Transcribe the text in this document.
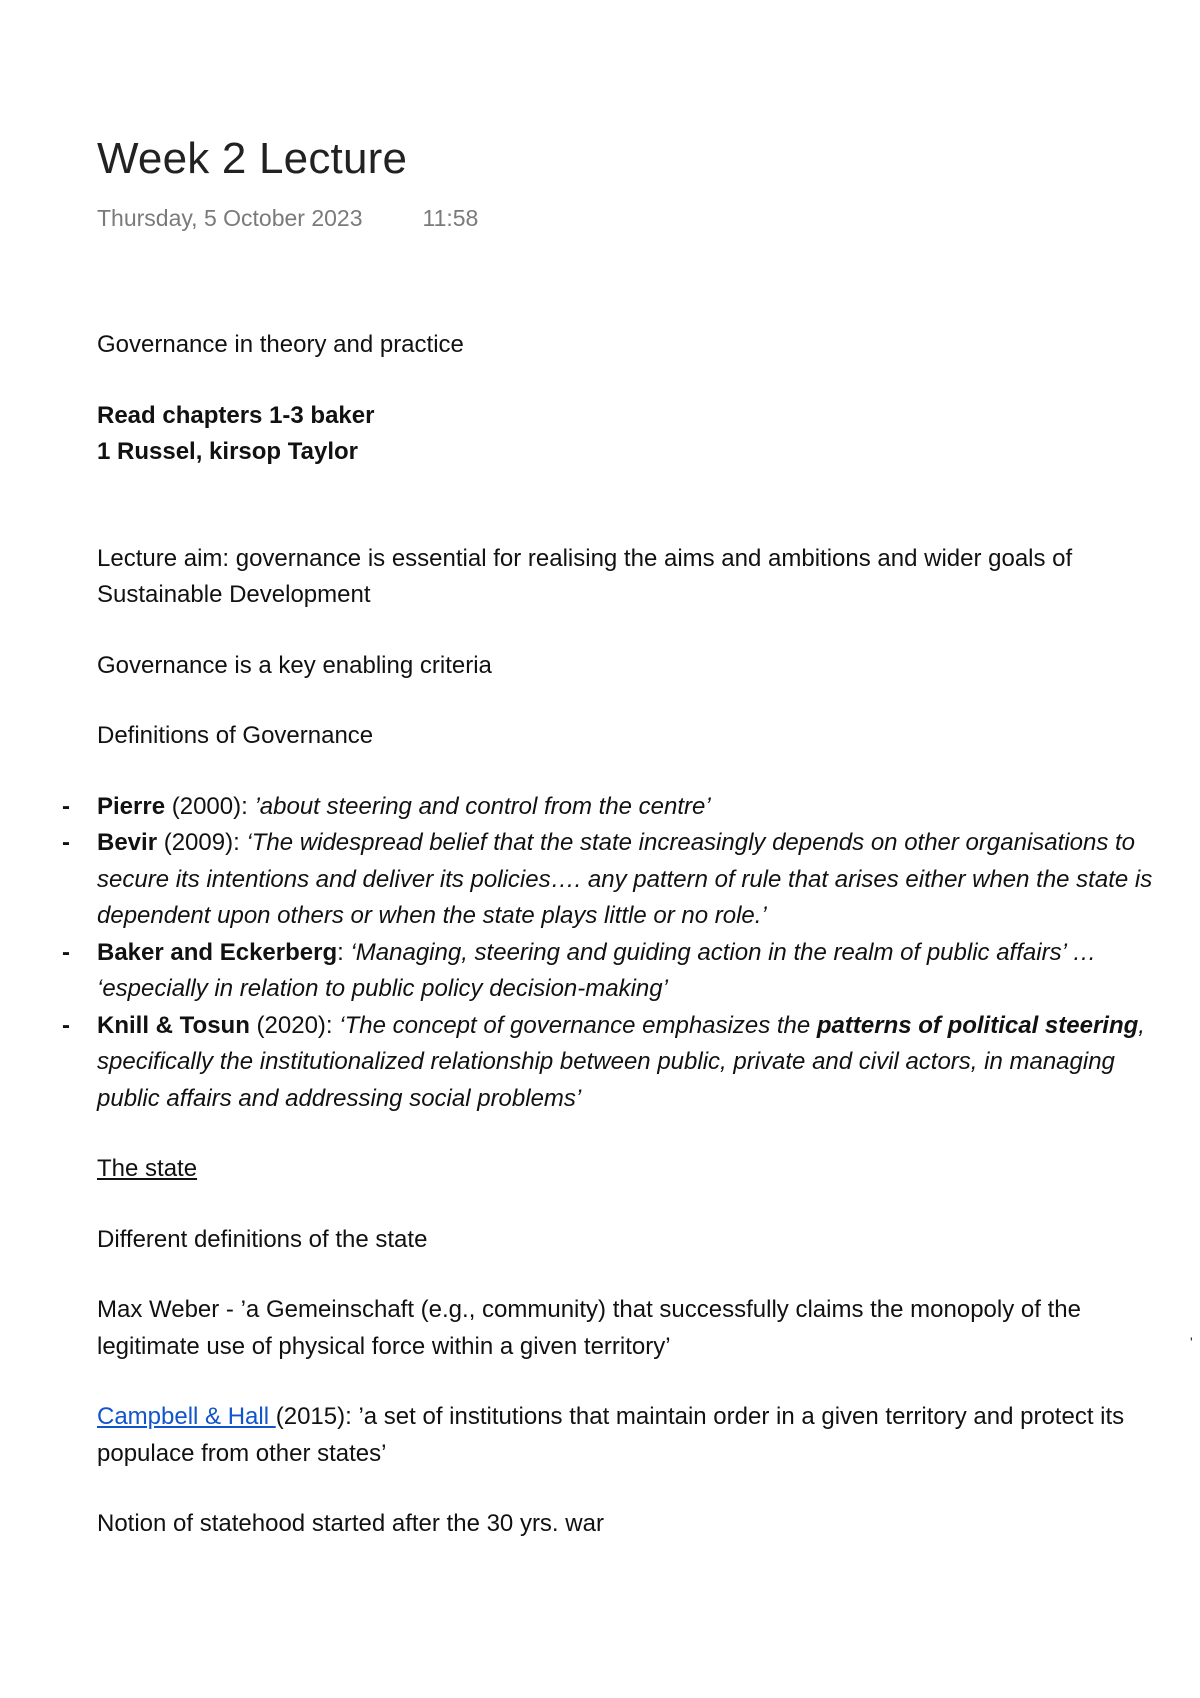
Week 2 Lecture
Thursday, 5 October 2023	11:58

Governance in theory and practice

Read chapters 1-3 baker

1 Russel, kirsop Taylor

Lecture aim: governance is essential for realising the aims and ambitions and wider goals of Sustainable Development

Governance is a key enabling criteria

Definitions of Governance

- Pierre (2000): ’about steering and control from the centre’
- Bevir (2009): ‘The widespread belief that the state increasingly depends on other organisations to secure its intentions and deliver its policies…. any pattern of rule that arises either when the state is dependent upon others or when the state plays little or no role.’
- Baker and Eckerberg: ‘Managing, steering and guiding action in the realm of public affairs’ … ‘especially in relation to public policy decision-making’
- Knill & Tosun (2020): ‘The concept of governance emphasizes the patterns of political steering, specifically the institutionalized relationship between public, private and civil actors, in managing public affairs and addressing social problems’

The state

Different definitions of the state

Max Weber - ’a Gemeinschaft (e.g., community) that successfully claims the monopoly of the legitimate use of physical force within a given territory’

Campbell & Hall (2015): ’a set of institutions that maintain order in a given territory and protect its populace from other states’

Notion of statehood started after the 30 yrs. war

'
